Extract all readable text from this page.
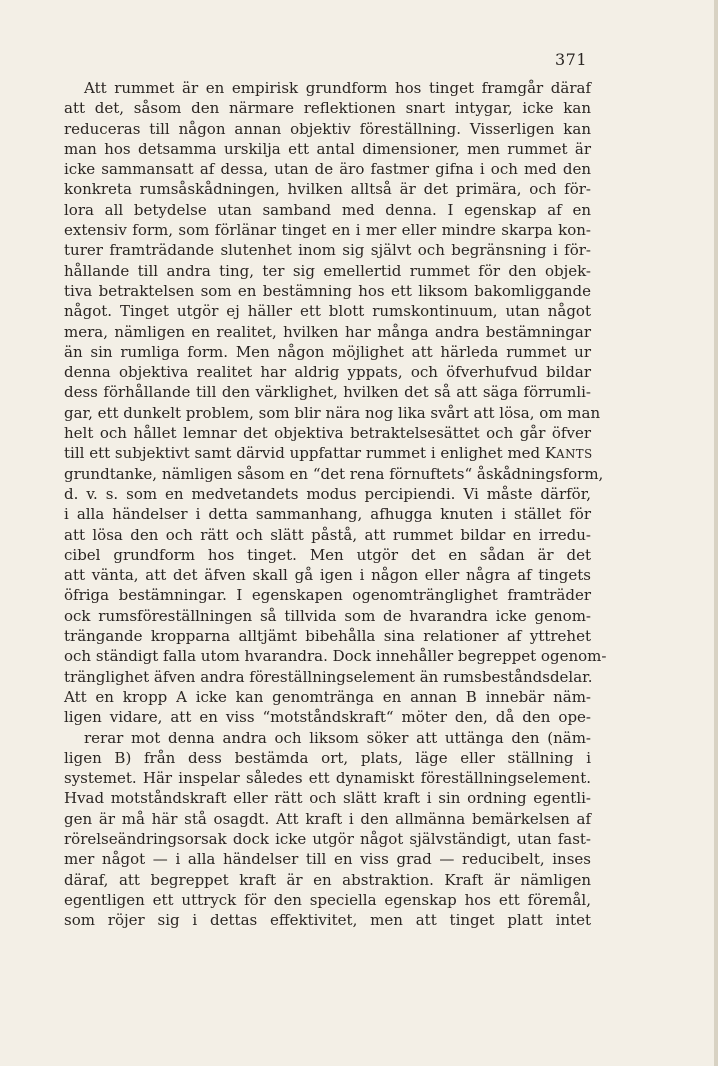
371
Att rummet är en empirisk grundform hos tinget framgår däraf
att det, såsom den närmare reflektionen snart intygar, icke kan
reduceras till någon annan objektiv föreställning. Visserligen kan
man hos detsamma urskilja ett antal dimensioner, men rummet är
icke sammansatt af dessa, utan de äro fastmer gifna i och med den
konkreta rumsåskådningen, hvilken alltså är det primära, och för-
lora all betydelse utan samband med denna. I egenskap af en
extensiv form, som förlänar tinget en i mer eller mindre skarpa kon-
turer framträdande slutenhet inom sig självt och begränsning i för-
hållande till andra ting, ter sig emellertid rummet för den objek-
tiva betraktelsen som en bestämning hos ett liksom bakomliggande
något. Tinget utgör ej häller ett blott rumskontinuum, utan något
mera, nämligen en realitet, hvilken har många andra bestämningar
än sin rumliga form. Men någon möjlighet att härleda rummet ur
denna objektiva realitet har aldrig yppats, och öfverhufvud bildar
dess förhållande till den värklighet, hvilken det så att säga förrumli-
gar, ett dunkelt problem, som blir nära nog lika svårt att lösa, om man
helt och hållet lemnar det objektiva betraktelsesättet och går öfver
till ett subjektivt samt därvid uppfattar rummet i enlighet med KANTS
grundtanke, nämligen såsom en “det rena förnuftets“ åskådningsform,
d. v. s. som en medvetandets modus percipiendi. Vi måste därför,
i alla händelser i detta sammanhang, afhugga knuten i stället för
att lösa den och rätt och slätt påstå, att rummet bildar en irredu-
cibel grundform hos tinget. Men utgör det en sådan är det
att vänta, att det äfven skall gå igen i någon eller några af tingets
öfriga bestämningar. I egenskapen ogenomtränglighet framträder
ock rumsföreställningen så tillvida som de hvarandra icke genom-
trängande kropparna alltjämt bibehålla sina relationer af yttrehet
och ständigt falla utom hvarandra. Dock innehåller begreppet ogenom-
tränglighet äfven andra föreställningselement än rumsbeståndsdelar.
Att en kropp A icke kan genomtränga en annan B innebär näm-
ligen vidare, att en viss “motståndskraft“ möter den, då den ope-
rerar mot denna andra och liksom söker att uttänga den (näm-
ligen B) från dess bestämda ort, plats, läge eller ställning i
systemet. Här inspelar således ett dynamiskt föreställningselement.
Hvad motståndskraft eller rätt och slätt kraft i sin ordning egentli-
gen är må här stå osagdt. Att kraft i den allmänna bemärkelsen af
rörelseändringsorsak dock icke utgör något självständigt, utan fast-
mer något — i alla händelser till en viss grad — reducibelt, inses
däraf, att begreppet kraft är en abstraktion. Kraft är nämligen
egentligen ett uttryck för den speciella egenskap hos ett föremål,
som röjer sig i dettas effektivitet, men att tinget platt intet
